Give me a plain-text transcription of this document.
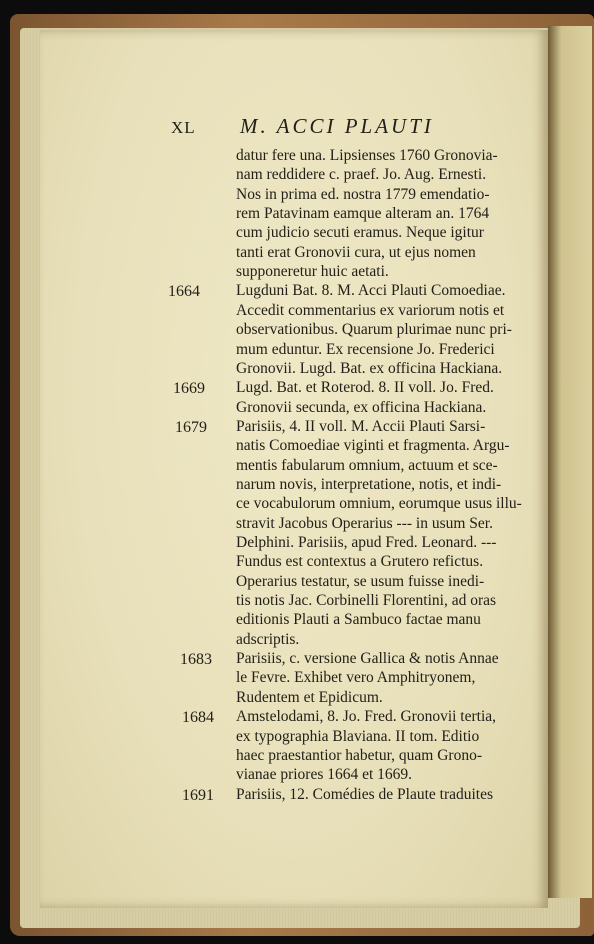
XL M. ACCI PLAUTI
datur fere una. Lipsienses 1760 Gronovia-
nam reddidere c. praef. Jo. Aug. Ernesti.
Nos in prima ed. nostra 1779 emendatio-
rem Patavinam eamque alteram an. 1764
cum judicio secuti eramus. Neque igitur
tanti erat Gronovii cura, ut ejus nomen
supponeretur huic aetati.
1664	Lugduni Bat. 8. M. Acci Plauti Comoediae.
Accedit commentarius ex variorum notis et
observationibus. Quarum plurimae nunc pri-
mum eduntur. Ex recensione Jo. Frederici
Gronovii. Lugd. Bat. ex officina Hackiana.
1669	Lugd. Bat. et Roterod. 8. II voll. Jo. Fred.
Gronovii secunda, ex officina Hackiana.
1679	Parisiis, 4. II voll. M. Accii Plauti Sarsi-
natis Comoediae viginti et fragmenta. Argu-
mentis fabularum omnium, actuum et sce-
narum novis, interpretatione, notis, et indi-
ce vocabulorum omnium, eorumque usus illu-
stravit Jacobus Operarius --- in usum Ser.
Delphini. Parisiis, apud Fred. Leonard. ---
Fundus est contextus a Grutero refictus.
Operarius testatur, se usum fuisse inedi-
tis notis Jac. Corbinelli Florentini, ad oras
editionis Plauti a Sambuco factae manu
adscriptis.
1683	Parisiis, c. versione Gallica & notis Annae
le Fevre. Exhibet vero Amphitryonem,
Rudentem et Epidicum.
1684	Amstelodami, 8. Jo. Fred. Gronovii tertia,
ex typographia Blaviana. II tom. Editio
haec praestantior habetur, quam Grono-
vianae priores 1664 et 1669.
1691	Parisiis, 12. Comédies de Plaute traduites
